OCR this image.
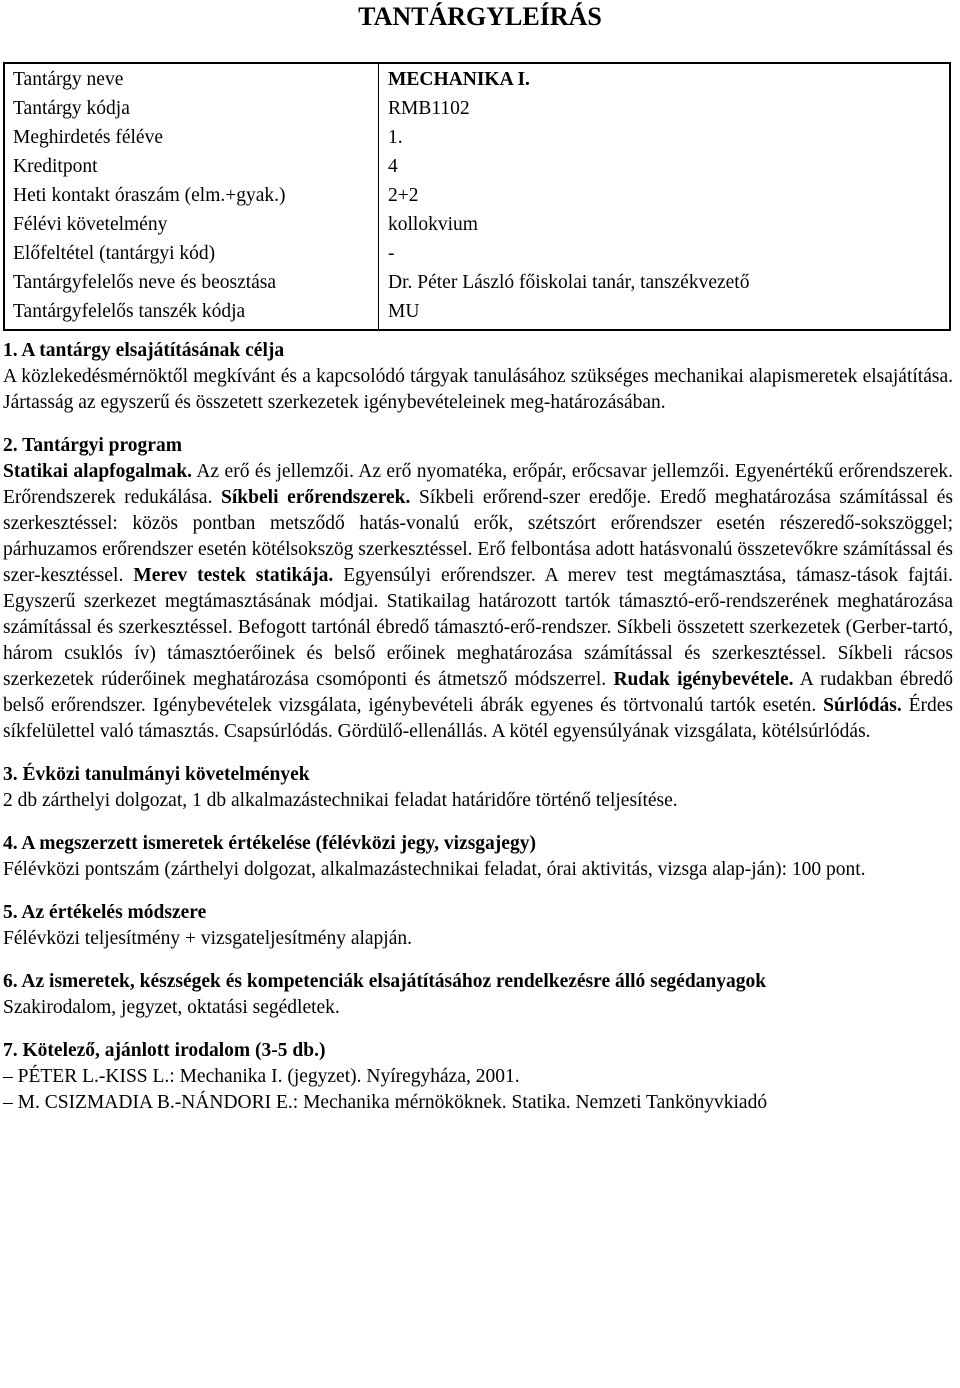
TANTÁRGYLEÍRÁS
Tantárgy neve	MECHANIKA I.
Tantárgy kódja	RMB1102
Meghirdetés féléve	1.
Kreditpont	4
Heti kontakt óraszám (elm.+gyak.)	2+2
Félévi követelmény	kollokvium
Előfeltétel (tantárgyi kód)	-
Tantárgyfelelős neve és beosztása	Dr. Péter László főiskolai tanár, tanszékvezető
Tantárgyfelelős tanszék kódja	MU
1. A tantárgy elsajátításának célja

A közlekedésmérnöktől megkívánt és a kapcsolódó tárgyak tanulásához szükséges mechanikai alapismeretek elsajátítása. Jártasság az egyszerű és összetett szerkezetek igénybevételeinek meg-határozásában.

2. Tantárgyi program

Statikai alapfogalmak. Az erő és jellemzői. Az erő nyomatéka, erőpár, erőcsavar jellemzői. Egyenértékű erőrendszerek. Erőrendszerek redukálása. Síkbeli erőrendszerek. Síkbeli erőrend-szer eredője. Eredő meghatározása számítással és szerkesztéssel: közös pontban metsződő hatás-vonalú erők, szétszórt erőrendszer esetén részeredő-sokszöggel; párhuzamos erőrendszer esetén kötélsokszög szerkesztéssel. Erő felbontása adott hatásvonalú összetevőkre számítással és szer-kesztéssel. Merev testek statikája. Egyensúlyi erőrendszer. A merev test megtámasztása, támasz-tások fajtái. Egyszerű szerkezet megtámasztásának módjai. Statikailag határozott tartók támasztó-erő-rendszerének meghatározása számítással és szerkesztéssel. Befogott tartónál ébredő támasztó-erő-rendszer. Síkbeli összetett szerkezetek (Gerber-tartó, három csuklós ív) támasztóerőinek és belső erőinek meghatározása számítással és szerkesztéssel. Síkbeli rácsos szerkezetek rúderőinek meghatározása csomóponti és átmetsző módszerrel. Rudak igénybevétele. A rudakban ébredő belső erőrendszer. Igénybevételek vizsgálata, igénybevételi ábrák egyenes és törtvonalú tartók esetén. Súrlódás. Érdes síkfelülettel való támasztás. Csapsúrlódás. Gördülő-ellenállás. A kötél egyensúlyának vizsgálata, kötélsúrlódás.

3. Évközi tanulmányi követelmények

2 db zárthelyi dolgozat, 1 db alkalmazástechnikai feladat határidőre történő teljesítése.

4. A megszerzett ismeretek értékelése (félévközi jegy, vizsgajegy)

Félévközi pontszám (zárthelyi dolgozat, alkalmazástechnikai feladat, órai aktivitás, vizsga alap-ján): 100 pont.

5. Az értékelés módszere

Félévközi teljesítmény + vizsgateljesítmény alapján.

6. Az ismeretek, készségek és kompetenciák elsajátításához rendelkezésre álló segédanyagok

Szakirodalom, jegyzet, oktatási segédletek.

7. Kötelező, ajánlott irodalom (3-5 db.)
– PÉTER L.-KISS L.: Mechanika I. (jegyzet). Nyíregyháza, 2001.
– M. CSIZMADIA B.-NÁNDORI E.: Mechanika mérnököknek. Statika. Nemzeti Tankönyvkiadó
